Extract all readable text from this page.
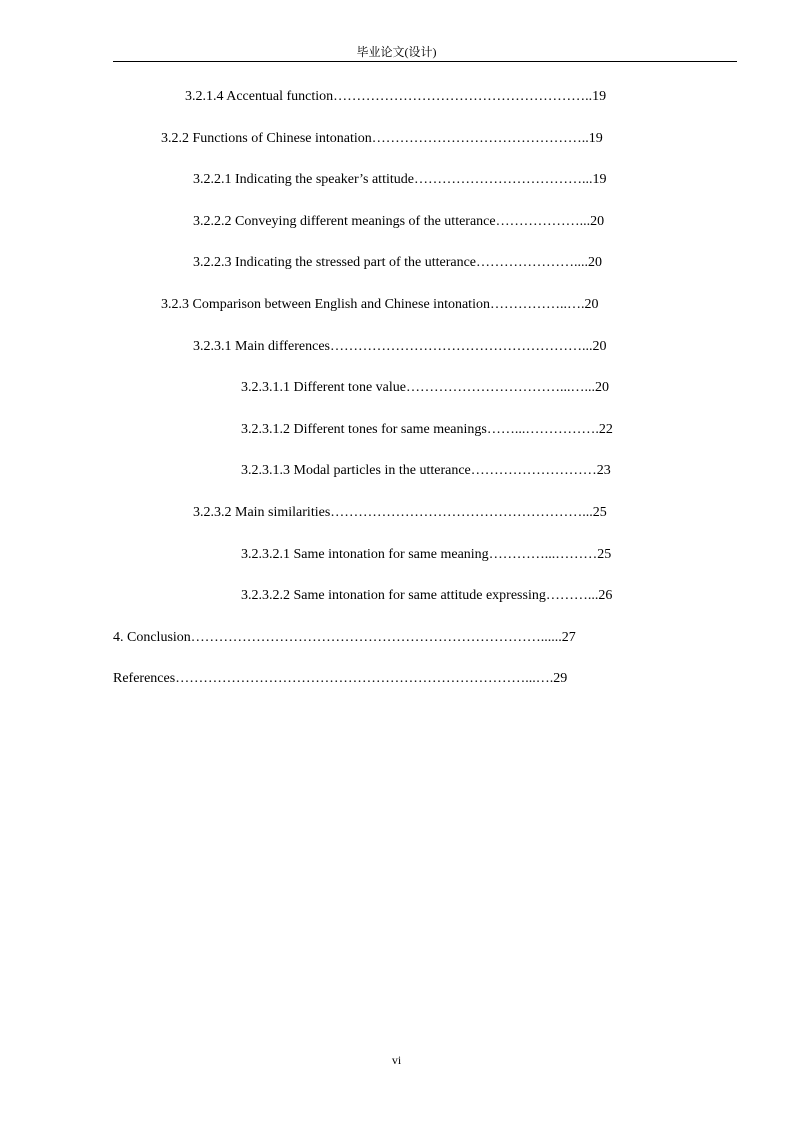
毕业论文(设计)
3.2.1.4 Accentual function………………………………………………..19
3.2.2 Functions of Chinese intonation………………………………………..19
3.2.2.1 Indicating the speaker’s attitude………………………………...19
3.2.2.2 Conveying different meanings of the utterance………………...20
3.2.2.3 Indicating the stressed part of the utterance…………………....20
3.2.3 Comparison between English and Chinese intonation……………..….20
3.2.3.1 Main differences………………………………………………...20
3.2.3.1.1 Different tone value……………………………...…...20
3.2.3.1.2 Different tones for same meanings……...…………….22
3.2.3.1.3 Modal particles in the utterance………………………23
3.2.3.2 Main similarities………………………………………………...25
3.2.3.2.1 Same intonation for same meaning…………...………25
3.2.3.2.2 Same intonation for same attitude expressing………...26
4. Conclusion…………………………………………………………………......27
References…………………………………………………………………...….29
vi
